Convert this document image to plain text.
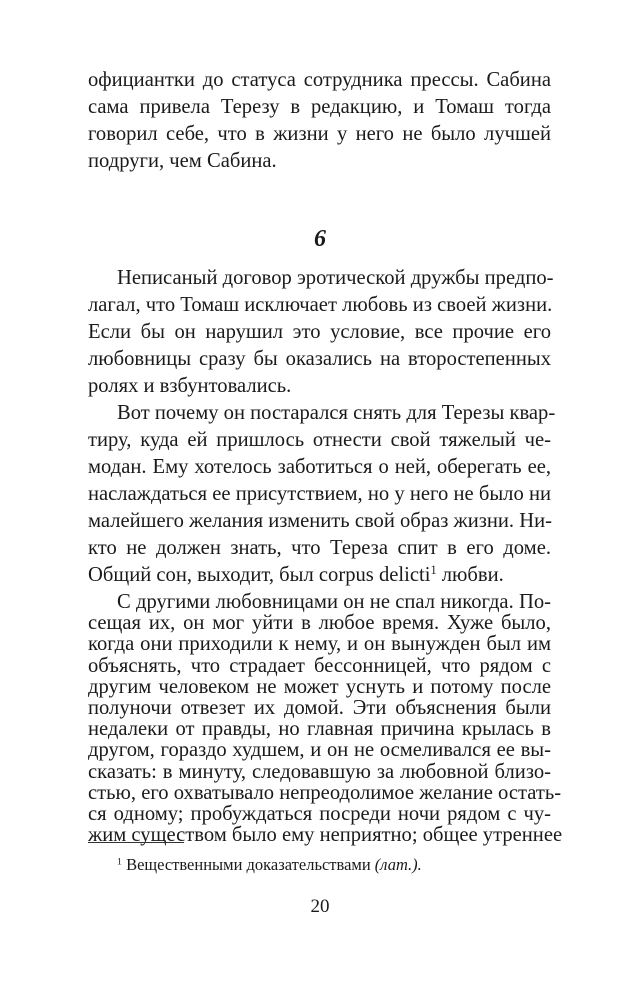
официантки до статуса сотрудника прессы. Сабина
сама привела Терезу в редакцию, и Томаш тогда
говорил себе, что в жизни у него не было лучшей
подруги, чем Сабина.
6
Неписаный договор эротической дружбы предпо-
лагал, что Томаш исключает любовь из своей жизни.
Если бы он нарушил это условие, все прочие его
любовницы сразу бы оказались на второстепенных
ролях и взбунтовались.
Вот почему он постарался снять для Терезы квар-
тиру, куда ей пришлось отнести свой тяжелый че-
модан. Ему хотелось заботиться о ней, оберегать ее,
наслаждаться ее присутствием, но у него не было ни
малейшего желания изменить свой образ жизни. Ни-
кто не должен знать, что Тереза спит в его доме.
Общий сон, выходит, был corpus delicti$^1$ любви.
С другими любовницами он не спал никогда. По-
сещая их, он мог уйти в любое время. Хуже было,
когда они приходили к нему, и он вынужден был им
объяснять, что страдает бессонницей, что рядом с
другим человеком не может уснуть и потому после
полуночи отвезет их домой. Эти объяснения были
недалеки от правды, но главная причина крылась в
другом, гораздо худшем, и он не осмеливался ее вы-
сказать: в минуту, следовавшую за любовной близо-
стью, его охватывало непреодолимое желание остать-
ся одному; пробуждаться посреди ночи рядом с чу-
жим существом было ему неприятно; общее утреннее
$^1$ Вещественными доказательствами (лат.).
20
